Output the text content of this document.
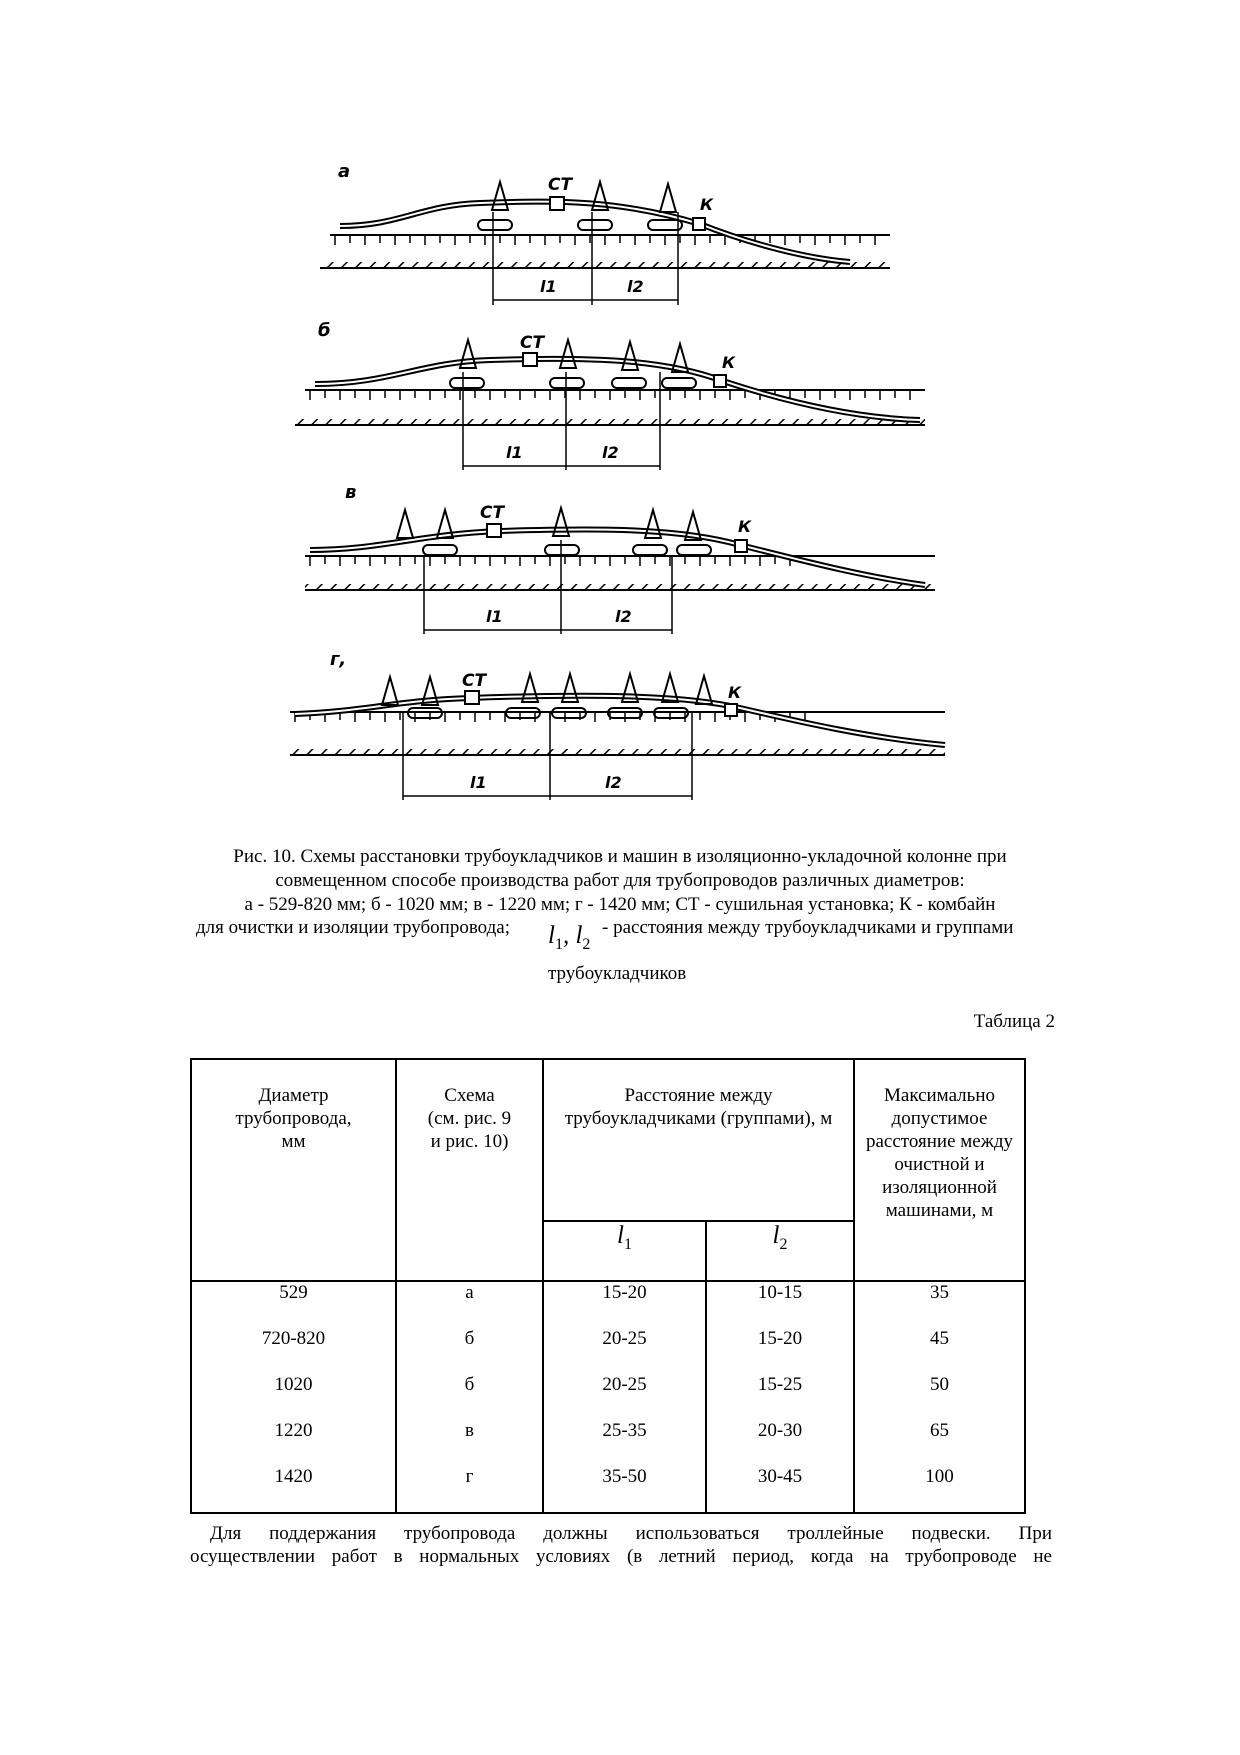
а
СТ
К
l1	l2
б
СТ
К
l1	l2
в
СТ
К
l1	l2
г,
СТ
К
l1	l2
Рис. 10. Схемы расстановки трубоукладчиков и машин в изоляционно-укладочной колонне при
совмещенном способе производства работ для трубопроводов различных диаметров:
а - 529-820 мм; б - 1020 мм; в - 1220 мм; г - 1420 мм; СТ - сушильная установка; К - комбайн
для очистки и изоляции трубопровода;	- расстояния между трубоукладчиками и группами
$l_1$, $l_2$
трубоукладчиков
Таблица 2
Диаметр трубопровода, мм	Схема
(см. рис. 9
и рис. 10)	Расстояние между трубоукладчиками (группами), м		Максимально допустимое расстояние между очистной и изоляционной машинами, м

		$l_1$	$l_2$
529	а	15-20	10-15	35
720-820	б	20-25	15-20	45
1020	б	20-25	15-25	50
1220	в	25-35	20-30	65
1420	г	35-50	30-45	100
Для поддержания трубопровода должны использоваться троллейные подвески. При
осуществлении работ в нормальных условиях (в летний период, когда на трубопроводе не
